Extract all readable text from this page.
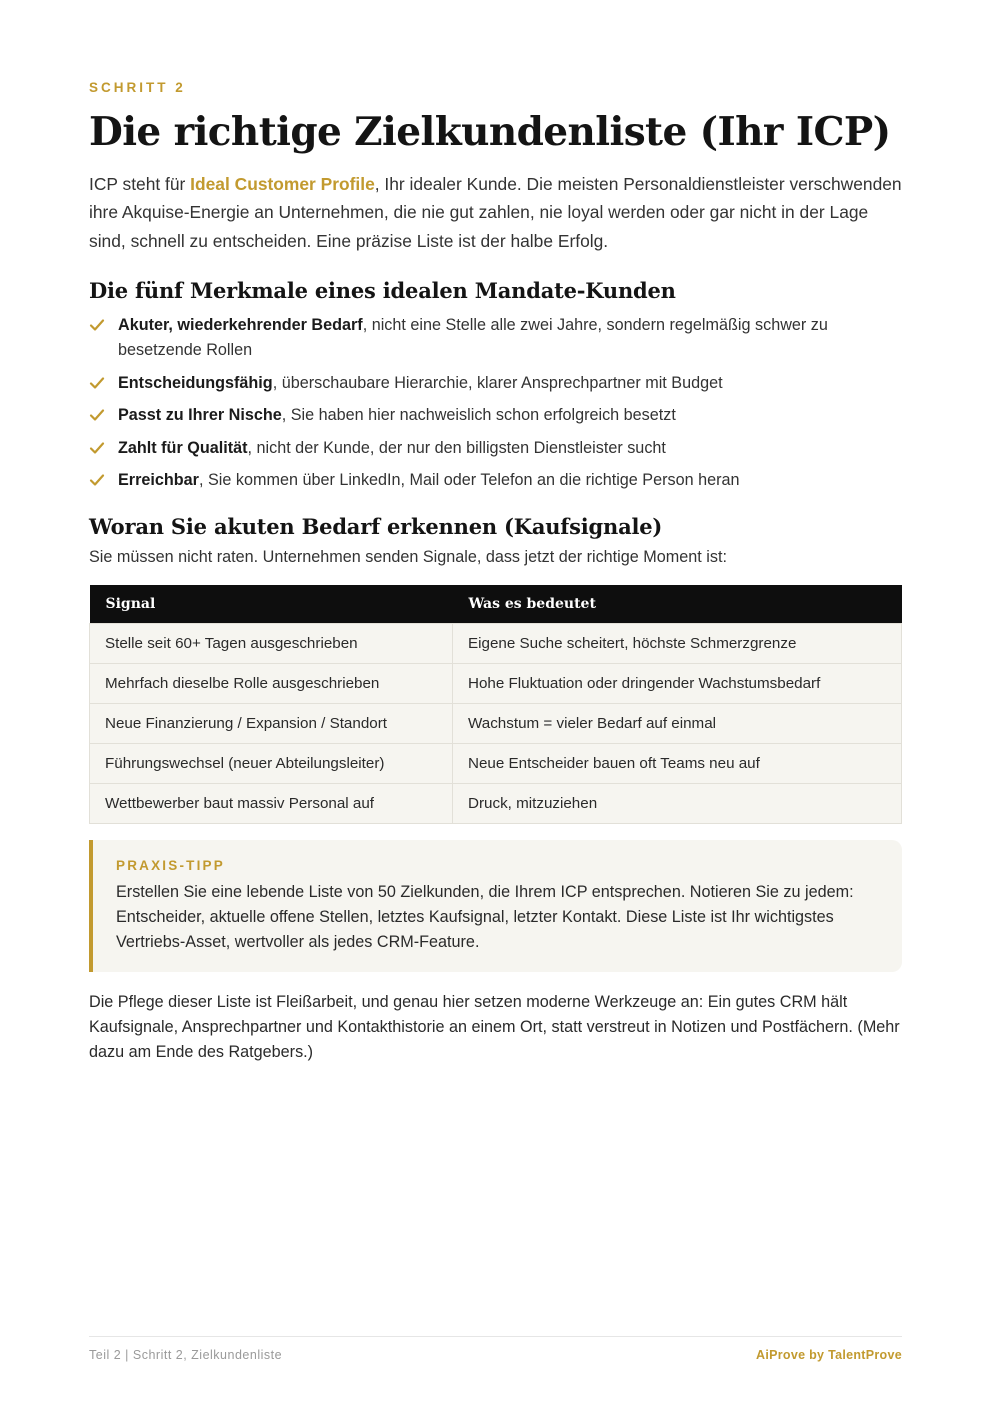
SCHRITT 2

Die richtige Zielkundenliste (Ihr ICP)

ICP steht für Ideal Customer Profile, Ihr idealer Kunde. Die meisten Personaldienstleister verschwenden ihre Akquise-Energie an Unternehmen, die nie gut zahlen, nie loyal werden oder gar nicht in der Lage sind, schnell zu entscheiden. Eine präzise Liste ist der halbe Erfolg.

Die fünf Merkmale eines idealen Mandate-Kunden
Akuter, wiederkehrender Bedarf, nicht eine Stelle alle zwei Jahre, sondern regelmäßig schwer zu besetzende Rollen
Entscheidungsfähig, überschaubare Hierarchie, klarer Ansprechpartner mit Budget
Passt zu Ihrer Nische, Sie haben hier nachweislich schon erfolgreich besetzt
Zahlt für Qualität, nicht der Kunde, der nur den billigsten Dienstleister sucht
Erreichbar, Sie kommen über LinkedIn, Mail oder Telefon an die richtige Person heran
Woran Sie akuten Bedarf erkennen (Kaufsignale)

Sie müssen nicht raten. Unternehmen senden Signale, dass jetzt der richtige Moment ist:

Signal	Was es bedeutet
Stelle seit 60+ Tagen ausgeschrieben	Eigene Suche scheitert, höchste Schmerzgrenze
Mehrfach dieselbe Rolle ausgeschrieben	Hohe Fluktuation oder dringender Wachstumsbedarf
Neue Finanzierung / Expansion / Standort	Wachstum = vieler Bedarf auf einmal
Führungswechsel (neuer Abteilungsleiter)	Neue Entscheider bauen oft Teams neu auf
Wettbewerber baut massiv Personal auf	Druck, mitzuziehen

PRAXIS-TIPP

Erstellen Sie eine lebende Liste von 50 Zielkunden, die Ihrem ICP entsprechen. Notieren Sie zu jedem: Entscheider, aktuelle offene Stellen, letztes Kaufsignal, letzter Kontakt. Diese Liste ist Ihr wichtigstes Vertriebs-Asset, wertvoller als jedes CRM-Feature.

Die Pflege dieser Liste ist Fleißarbeit, und genau hier setzen moderne Werkzeuge an: Ein gutes CRM hält Kaufsignale, Ansprechpartner und Kontakthistorie an einem Ort, statt verstreut in Notizen und Postfächern. (Mehr dazu am Ende des Ratgebers.)

Teil 2 | Schritt 2, Zielkundenliste	AiProve by TalentProve
